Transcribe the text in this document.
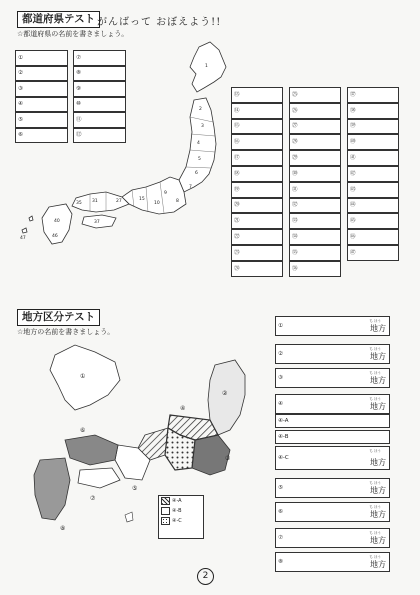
都道府県テスト がんばって おぼえよう!!
☆都道府県の名前を書きましょう。
①
②
③
④
⑤
⑥
⑦
⑧
⑨
⑩
⑪
⑫
1
2
3
4
5
6
7
8
9
10
15
27
31
35
37
40
46
47
⑬
⑭
⑮
⑯
⑰
⑱
⑲
⑳
㉑
㉒
㉓
㉔
㉕
㉖
㉗
㉘
㉙
㉚
㉛
㉜
㉝
㉞
㉟
㊱
㊲
㊳
㊴
㊵
㊶
㊷
㊸
㊹
㊺
㊻
㊼
地方区分テスト
☆地方の名前を書きましょう。
①
②
③
④
⑤
⑥
⑦
⑧
④-A
④-B
④-C
①
ち ほう
地方
②
ち ほう
地方
③
ち ほう
地方
④
ち ほう
地方
④-A
④-B
④-C
ち ほう
地方
⑤
ち ほう
地方
⑥
ち ほう
地方
⑦
ち ほう
地方
⑧
ち ほう
地方
2
